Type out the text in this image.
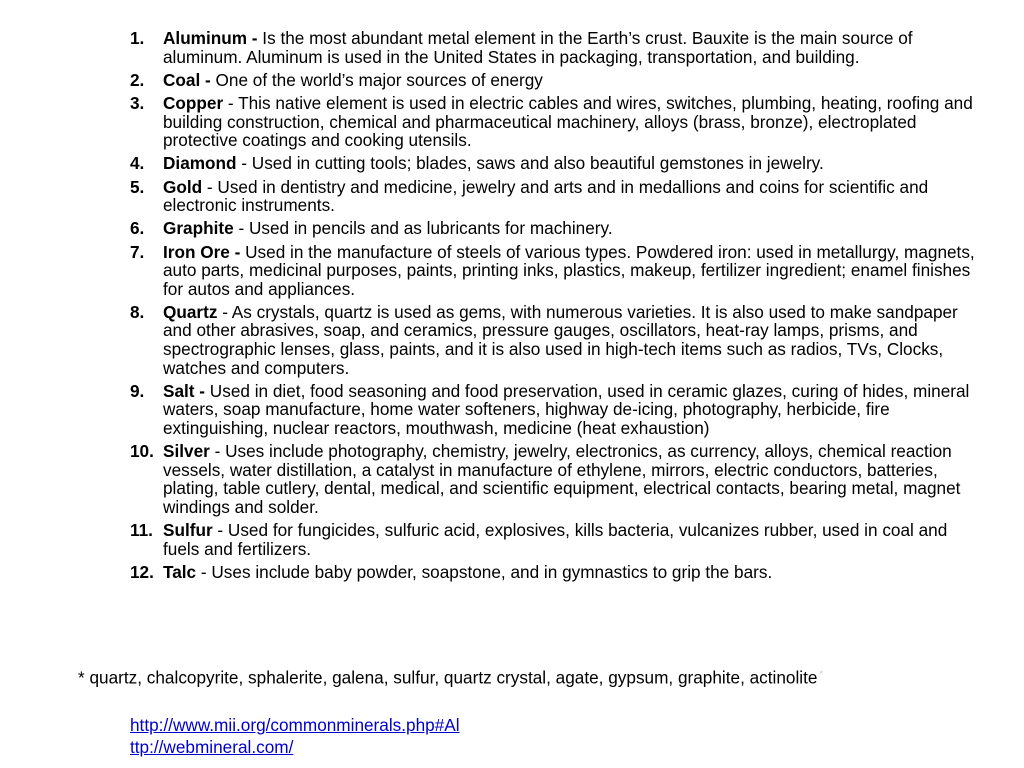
1. Aluminum - Is the most abundant metal element in the Earth’s crust. Bauxite is the main source of aluminum. Aluminum is used in the United States in packaging, transportation, and building.
2. Coal - One of the world’s major sources of energy
3. Copper - This native element is used in electric cables and wires, switches, plumbing, heating, roofing and building construction, chemical and pharmaceutical machinery, alloys (brass, bronze), electroplated protective coatings and cooking utensils.
4. Diamond - Used in cutting tools; blades, saws and also beautiful gemstones in jewelry.
5. Gold - Used in dentistry and medicine, jewelry and arts and in medallions and coins for scientific and electronic instruments.
6. Graphite - Used in pencils and as lubricants for machinery.
7. Iron Ore - Used in the manufacture of steels of various types. Powdered iron: used in metallurgy, magnets, auto parts, medicinal purposes, paints, printing inks, plastics, makeup, fertilizer ingredient; enamel finishes for autos and appliances.
8. Quartz - As crystals, quartz is used as gems, with numerous varieties. It is also used to make sandpaper and other abrasives, soap, and ceramics, pressure gauges, oscillators, heat-ray lamps, prisms, and spectrographic lenses, glass, paints, and it is also used in high-tech items such as radios, TVs, Clocks, watches and computers.
9. Salt - Used in diet, food seasoning and food preservation, used in ceramic glazes, curing of hides, mineral waters, soap manufacture, home water softeners, highway de-icing, photography, herbicide, fire extinguishing, nuclear reactors, mouthwash, medicine (heat exhaustion)
10. Silver - Uses include photography, chemistry, jewelry, electronics, as currency, alloys, chemical reaction vessels, water distillation, a catalyst in manufacture of ethylene, mirrors, electric conductors, batteries, plating, table cutlery, dental, medical, and scientific equipment, electrical contacts, bearing metal, magnet windings and solder.
11. Sulfur - Used for fungicides, sulfuric acid, explosives, kills bacteria, vulcanizes rubber, used in coal and fuels and fertilizers.
12. Talc - Uses include baby powder, soapstone, and in gymnastics to grip the bars.
* quartz, chalcopyrite, sphalerite, galena, sulfur, quartz crystal, agate, gypsum, graphite, actinolite *
http://www.mii.org/commonminerals.php#Al
ttp://webmineral.com/
